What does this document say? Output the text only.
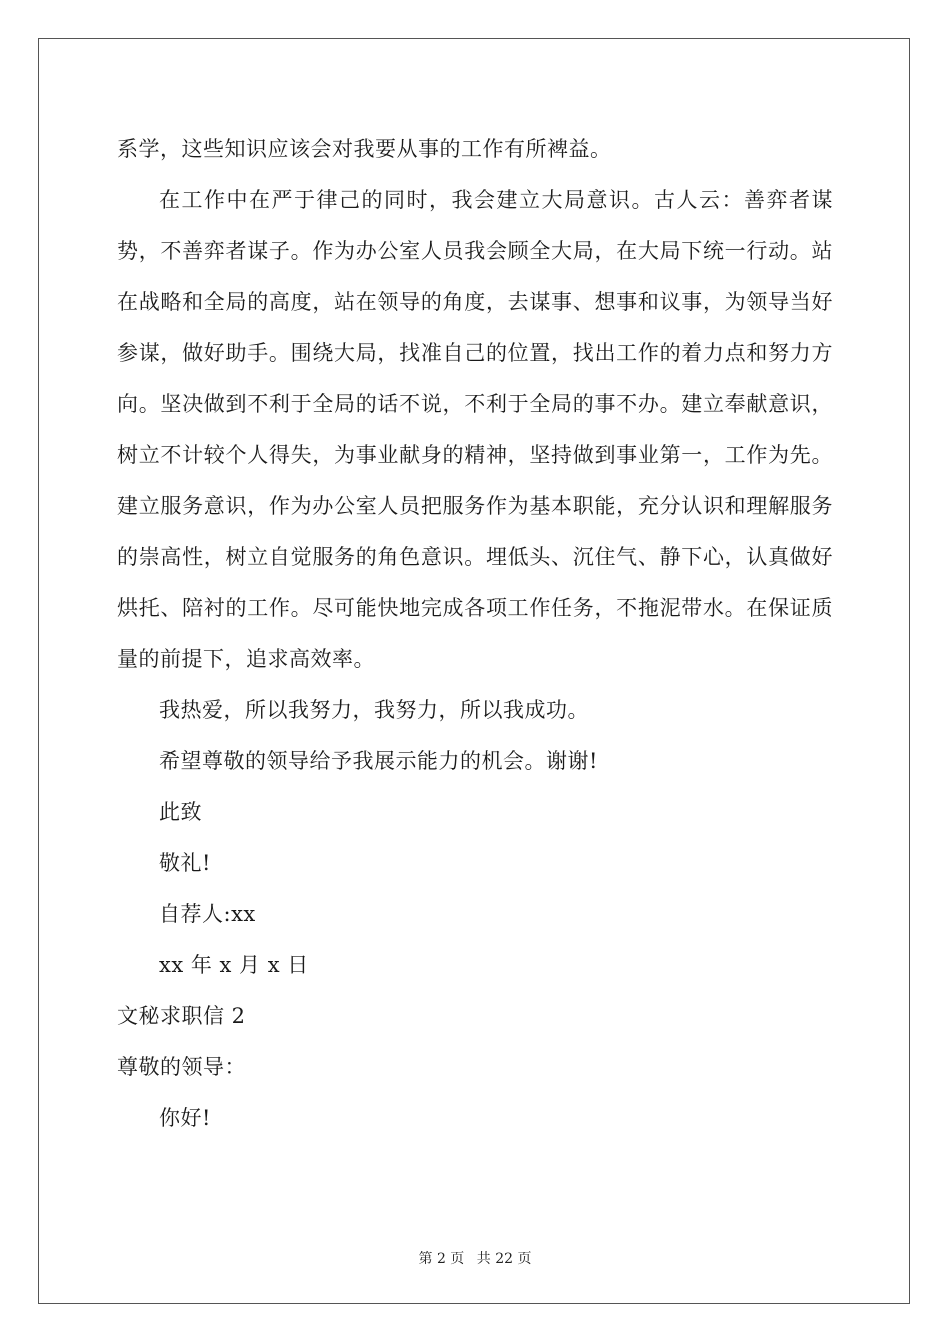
系学，这些知识应该会对我要从事的工作有所裨益。

在工作中在严于律己的同时，我会建立大局意识。古人云：善弈者谋势，不善弈者谋子。作为办公室人员我会顾全大局，在大局下统一行动。站在战略和全局的高度，站在领导的角度，去谋事、想事和议事，为领导当好参谋，做好助手。围绕大局，找准自己的位置，找出工作的着力点和努力方向。坚决做到不利于全局的话不说，不利于全局的事不办。建立奉献意识，树立不计较个人得失，为事业献身的精神，坚持做到事业第一，工作为先。建立服务意识，作为办公室人员把服务作为基本职能，充分认识和理解服务的崇高性，树立自觉服务的角色意识。埋低头、沉住气、静下心，认真做好烘托、陪衬的工作。尽可能快地完成各项工作任务，不拖泥带水。在保证质量的前提下，追求高效率。

我热爱，所以我努力，我努力，所以我成功。

希望尊敬的领导给予我展示能力的机会。谢谢!

此致

敬礼!

自荐人:xx

xx 年 x 月 x 日

文秘求职信 2

尊敬的领导：

你好!

第 2 页 共 22 页
